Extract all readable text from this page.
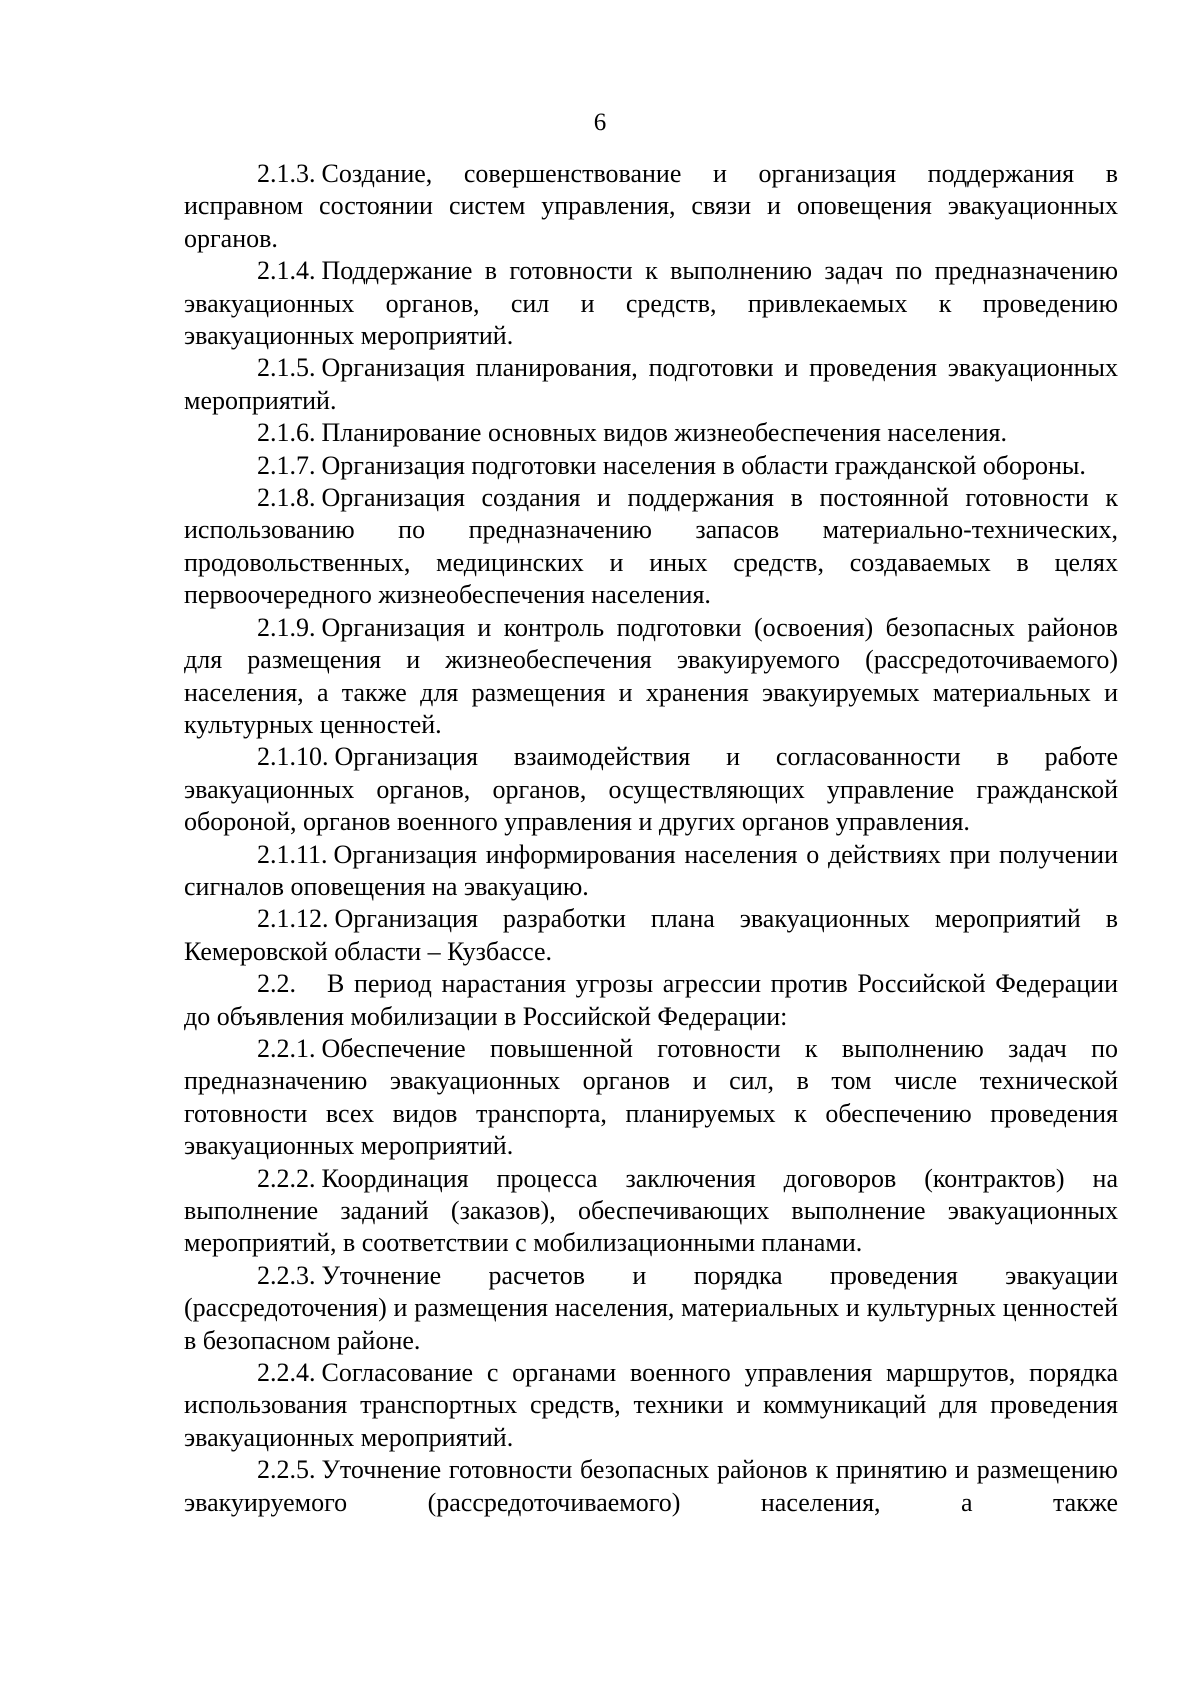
6

2.1.3. Создание, совершенствование и организация поддержания в исправном состоянии систем управления, связи и оповещения эвакуационных органов.

2.1.4. Поддержание в готовности к выполнению задач по предназначению эвакуационных органов, сил и средств, привлекаемых к проведению эвакуационных мероприятий.

2.1.5. Организация планирования, подготовки и проведения эвакуационных мероприятий.

2.1.6. Планирование основных видов жизнеобеспечения населения.

2.1.7. Организация подготовки населения в области гражданской обороны.

2.1.8. Организация создания и поддержания в постоянной готовности к использованию по предназначению запасов материально-технических, продовольственных, медицинских и иных средств, создаваемых в целях первоочередного жизнеобеспечения населения.

2.1.9. Организация и контроль подготовки (освоения) безопасных районов для размещения и жизнеобеспечения эвакуируемого (рассредоточиваемого) населения, а также для размещения и хранения эвакуируемых материальных и культурных ценностей.

2.1.10. Организация взаимодействия и согласованности в работе эвакуационных органов, органов, осуществляющих управление гражданской обороной, органов военного управления и других органов управления.

2.1.11. Организация информирования населения о действиях при получении сигналов оповещения на эвакуацию.

2.1.12. Организация разработки плана эвакуационных мероприятий в Кемеровской области – Кузбассе.

2.2. В период нарастания угрозы агрессии против Российской Федерации до объявления мобилизации в Российской Федерации:

2.2.1. Обеспечение повышенной готовности к выполнению задач по предназначению эвакуационных органов и сил, в том числе технической готовности всех видов транспорта, планируемых к обеспечению проведения эвакуационных мероприятий.

2.2.2. Координация процесса заключения договоров (контрактов) на выполнение заданий (заказов), обеспечивающих выполнение эвакуационных мероприятий, в соответствии с мобилизационными планами.

2.2.3. Уточнение расчетов и порядка проведения эвакуации (рассредоточения) и размещения населения, материальных и культурных ценностей в безопасном районе.

2.2.4. Согласование с органами военного управления маршрутов, порядка использования транспортных средств, техники и коммуникаций для проведения эвакуационных мероприятий.

2.2.5. Уточнение готовности безопасных районов к принятию и размещению эвакуируемого (рассредоточиваемого) населения, а также
